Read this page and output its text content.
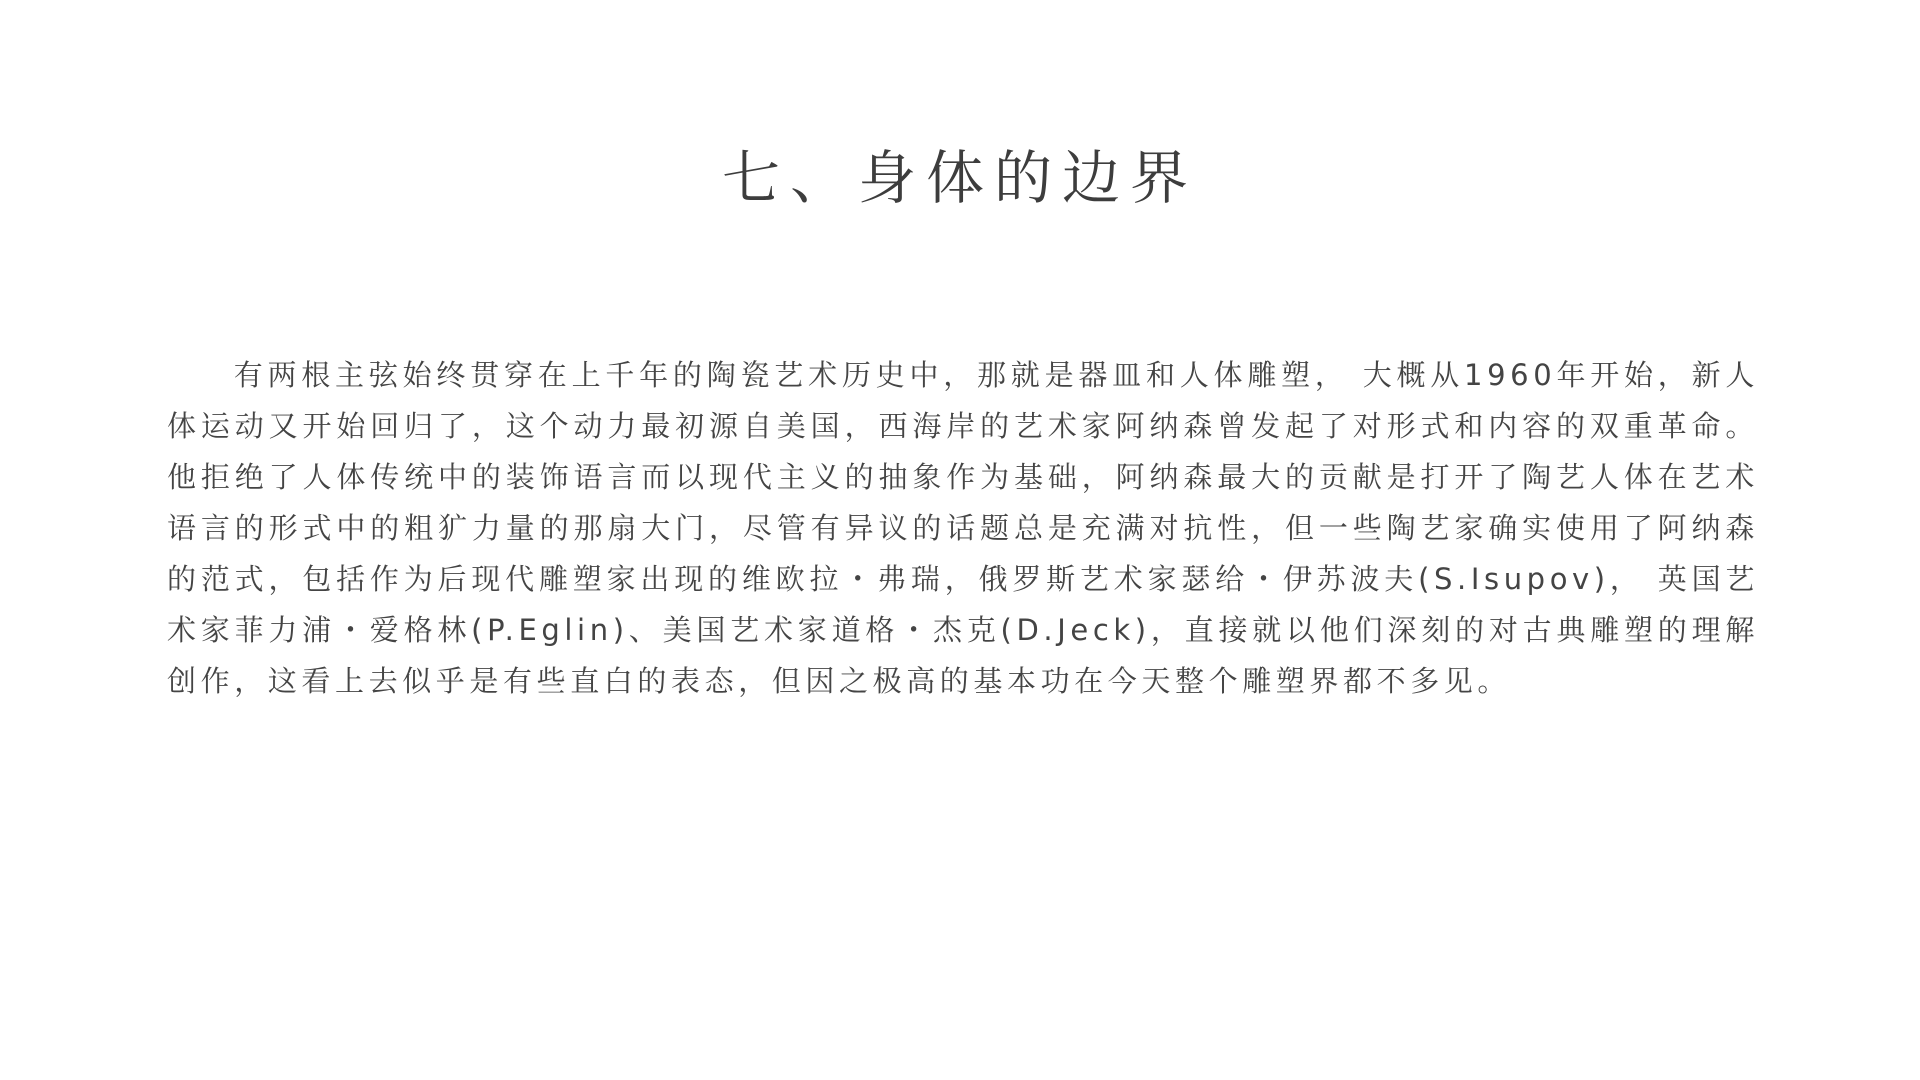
七、身体的边界

有两根主弦始终贯穿在上千年的陶瓷艺术历史中，那就是器皿和人体雕塑， 大概从1960年开始，新人体运动又开始回归了，这个动力最初源自美国，西海岸的艺术家阿纳森曾发起了对形式和内容的双重革命。他拒绝了人体传统中的装饰语言而以现代主义的抽象作为基础，阿纳森最大的贡献是打开了陶艺人体在艺术语言的形式中的粗犷力量的那扇大门，尽管有异议的话题总是充满对抗性，但一些陶艺家确实使用了阿纳森的范式，包括作为后现代雕塑家出现的维欧拉・弗瑞，俄罗斯艺术家瑟给・伊苏波夫(S.Isupov)， 英国艺术家菲力浦・爱格林(P.Eglin)、美国艺术家道格・杰克(D.Jeck)，直接就以他们深刻的对古典雕塑的理解创作，这看上去似乎是有些直白的表态，但因之极高的基本功在今天整个雕塑界都不多见。
